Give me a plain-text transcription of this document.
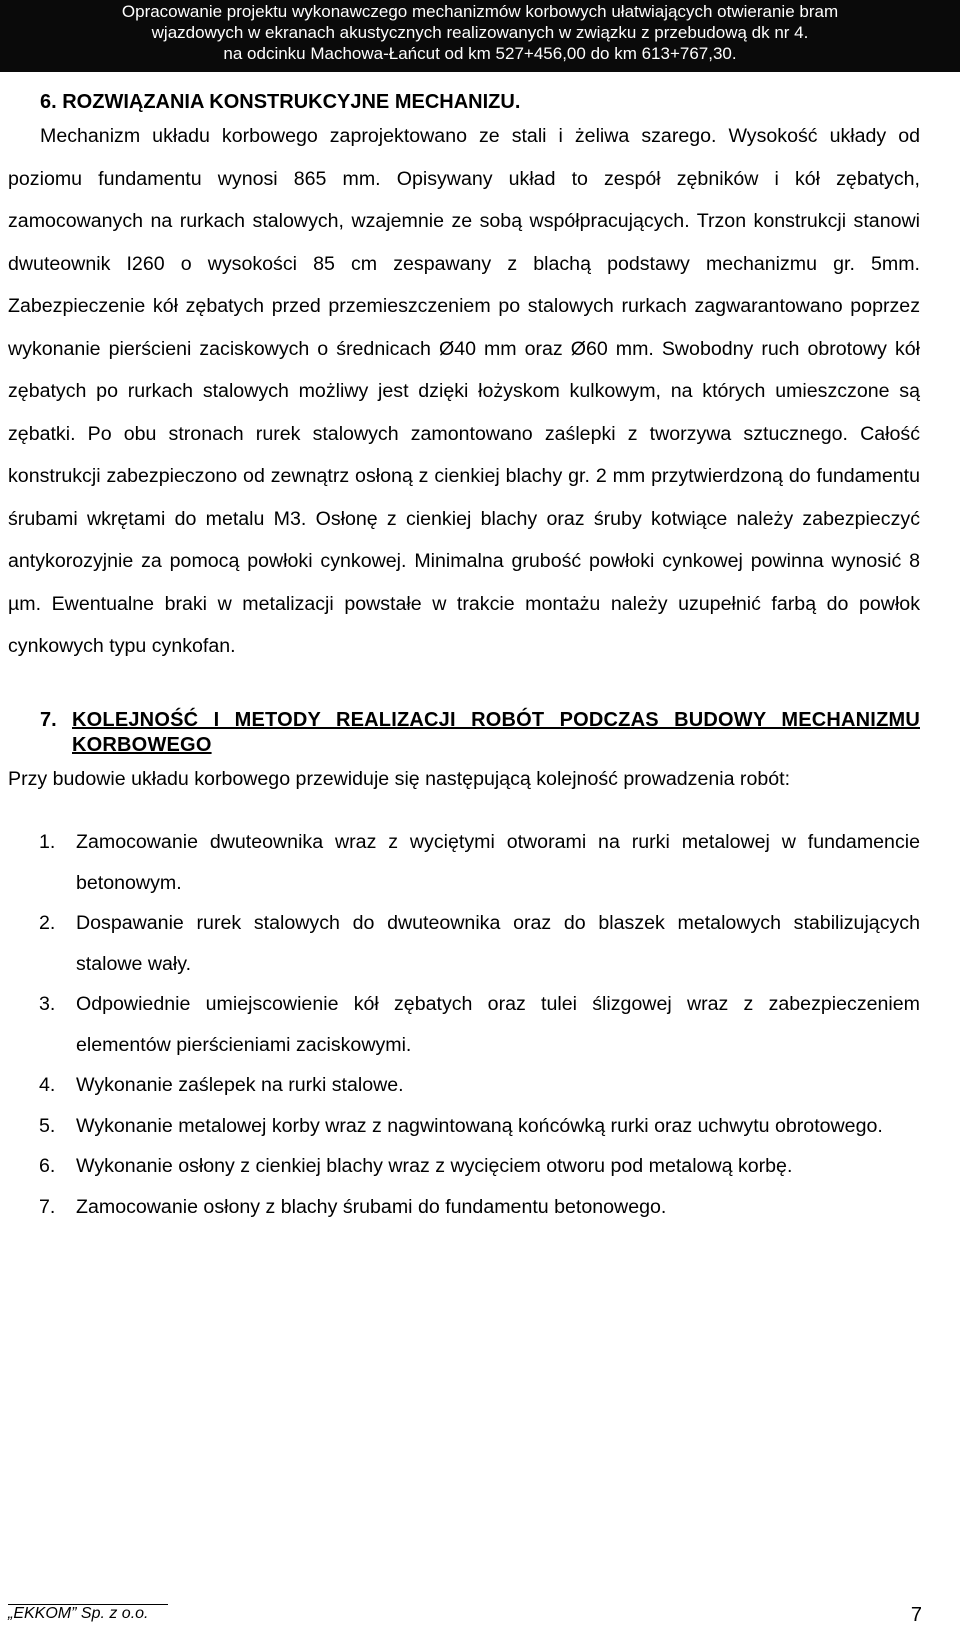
Opracowanie projektu wykonawczego mechanizmów korbowych ułatwiających otwieranie bram
wjazdowych w ekranach akustycznych realizowanych w związku z przebudową dk nr 4.
na odcinku Machowa-Łańcut od km 527+456,00 do km 613+767,30.
6. ROZWIĄZANIA KONSTRUKCYJNE MECHANIZU.

Mechanizm układu korbowego zaprojektowano ze stali i żeliwa szarego. Wysokość układy od poziomu fundamentu wynosi 865 mm. Opisywany układ to zespół zębników i kół zębatych, zamocowanych na rurkach stalowych, wzajemnie ze sobą współpracujących. Trzon konstrukcji stanowi dwuteownik I260 o wysokości 85 cm zespawany z blachą podstawy mechanizmu gr. 5mm. Zabezpieczenie kół zębatych przed przemieszczeniem po stalowych rurkach zagwarantowano poprzez wykonanie pierścieni zaciskowych o średnicach Ø40 mm oraz Ø60 mm. Swobodny ruch obrotowy kół zębatych po rurkach stalowych możliwy jest dzięki łożyskom kulkowym, na których umieszczone są zębatki. Po obu stronach rurek stalowych zamontowano zaślepki z tworzywa sztucznego. Całość konstrukcji zabezpieczono od zewnątrz osłoną z cienkiej blachy gr. 2 mm przytwierdzoną do fundamentu śrubami wkrętami do metalu M3. Osłonę z cienkiej blachy oraz śruby kotwiące należy zabezpieczyć antykorozyjnie za pomocą powłoki cynkowej. Minimalna grubość powłoki cynkowej powinna wynosić 8 µm. Ewentualne braki w metalizacji powstałe w trakcie montażu należy uzupełnić farbą do powłok cynkowych typu cynkofan.

7. KOLEJNOŚĆ I METODY REALIZACJI ROBÓT PODCZAS BUDOWY MECHANIZMU KORBOWEGO

Przy budowie układu korbowego przewiduje się następującą kolejność prowadzenia robót:

1.	Zamocowanie dwuteownika wraz z wyciętymi otworami na rurki metalowej w fundamencie betonowym.
2.	Dospawanie rurek stalowych do dwuteownika oraz do blaszek metalowych stabilizujących stalowe wały.
3.	Odpowiednie umiejscowienie kół zębatych oraz tulei ślizgowej wraz z zabezpieczeniem elementów pierścieniami zaciskowymi.
4.	Wykonanie zaślepek na rurki stalowe.
5.	Wykonanie metalowej korby wraz z nagwintowaną końcówką rurki oraz uchwytu obrotowego.
6.	Wykonanie osłony z cienkiej blachy wraz z wycięciem otworu pod metalową korbę.
7.	Zamocowanie osłony z blachy śrubami do fundamentu betonowego.
„EKKOM” Sp. z o.o.	7
